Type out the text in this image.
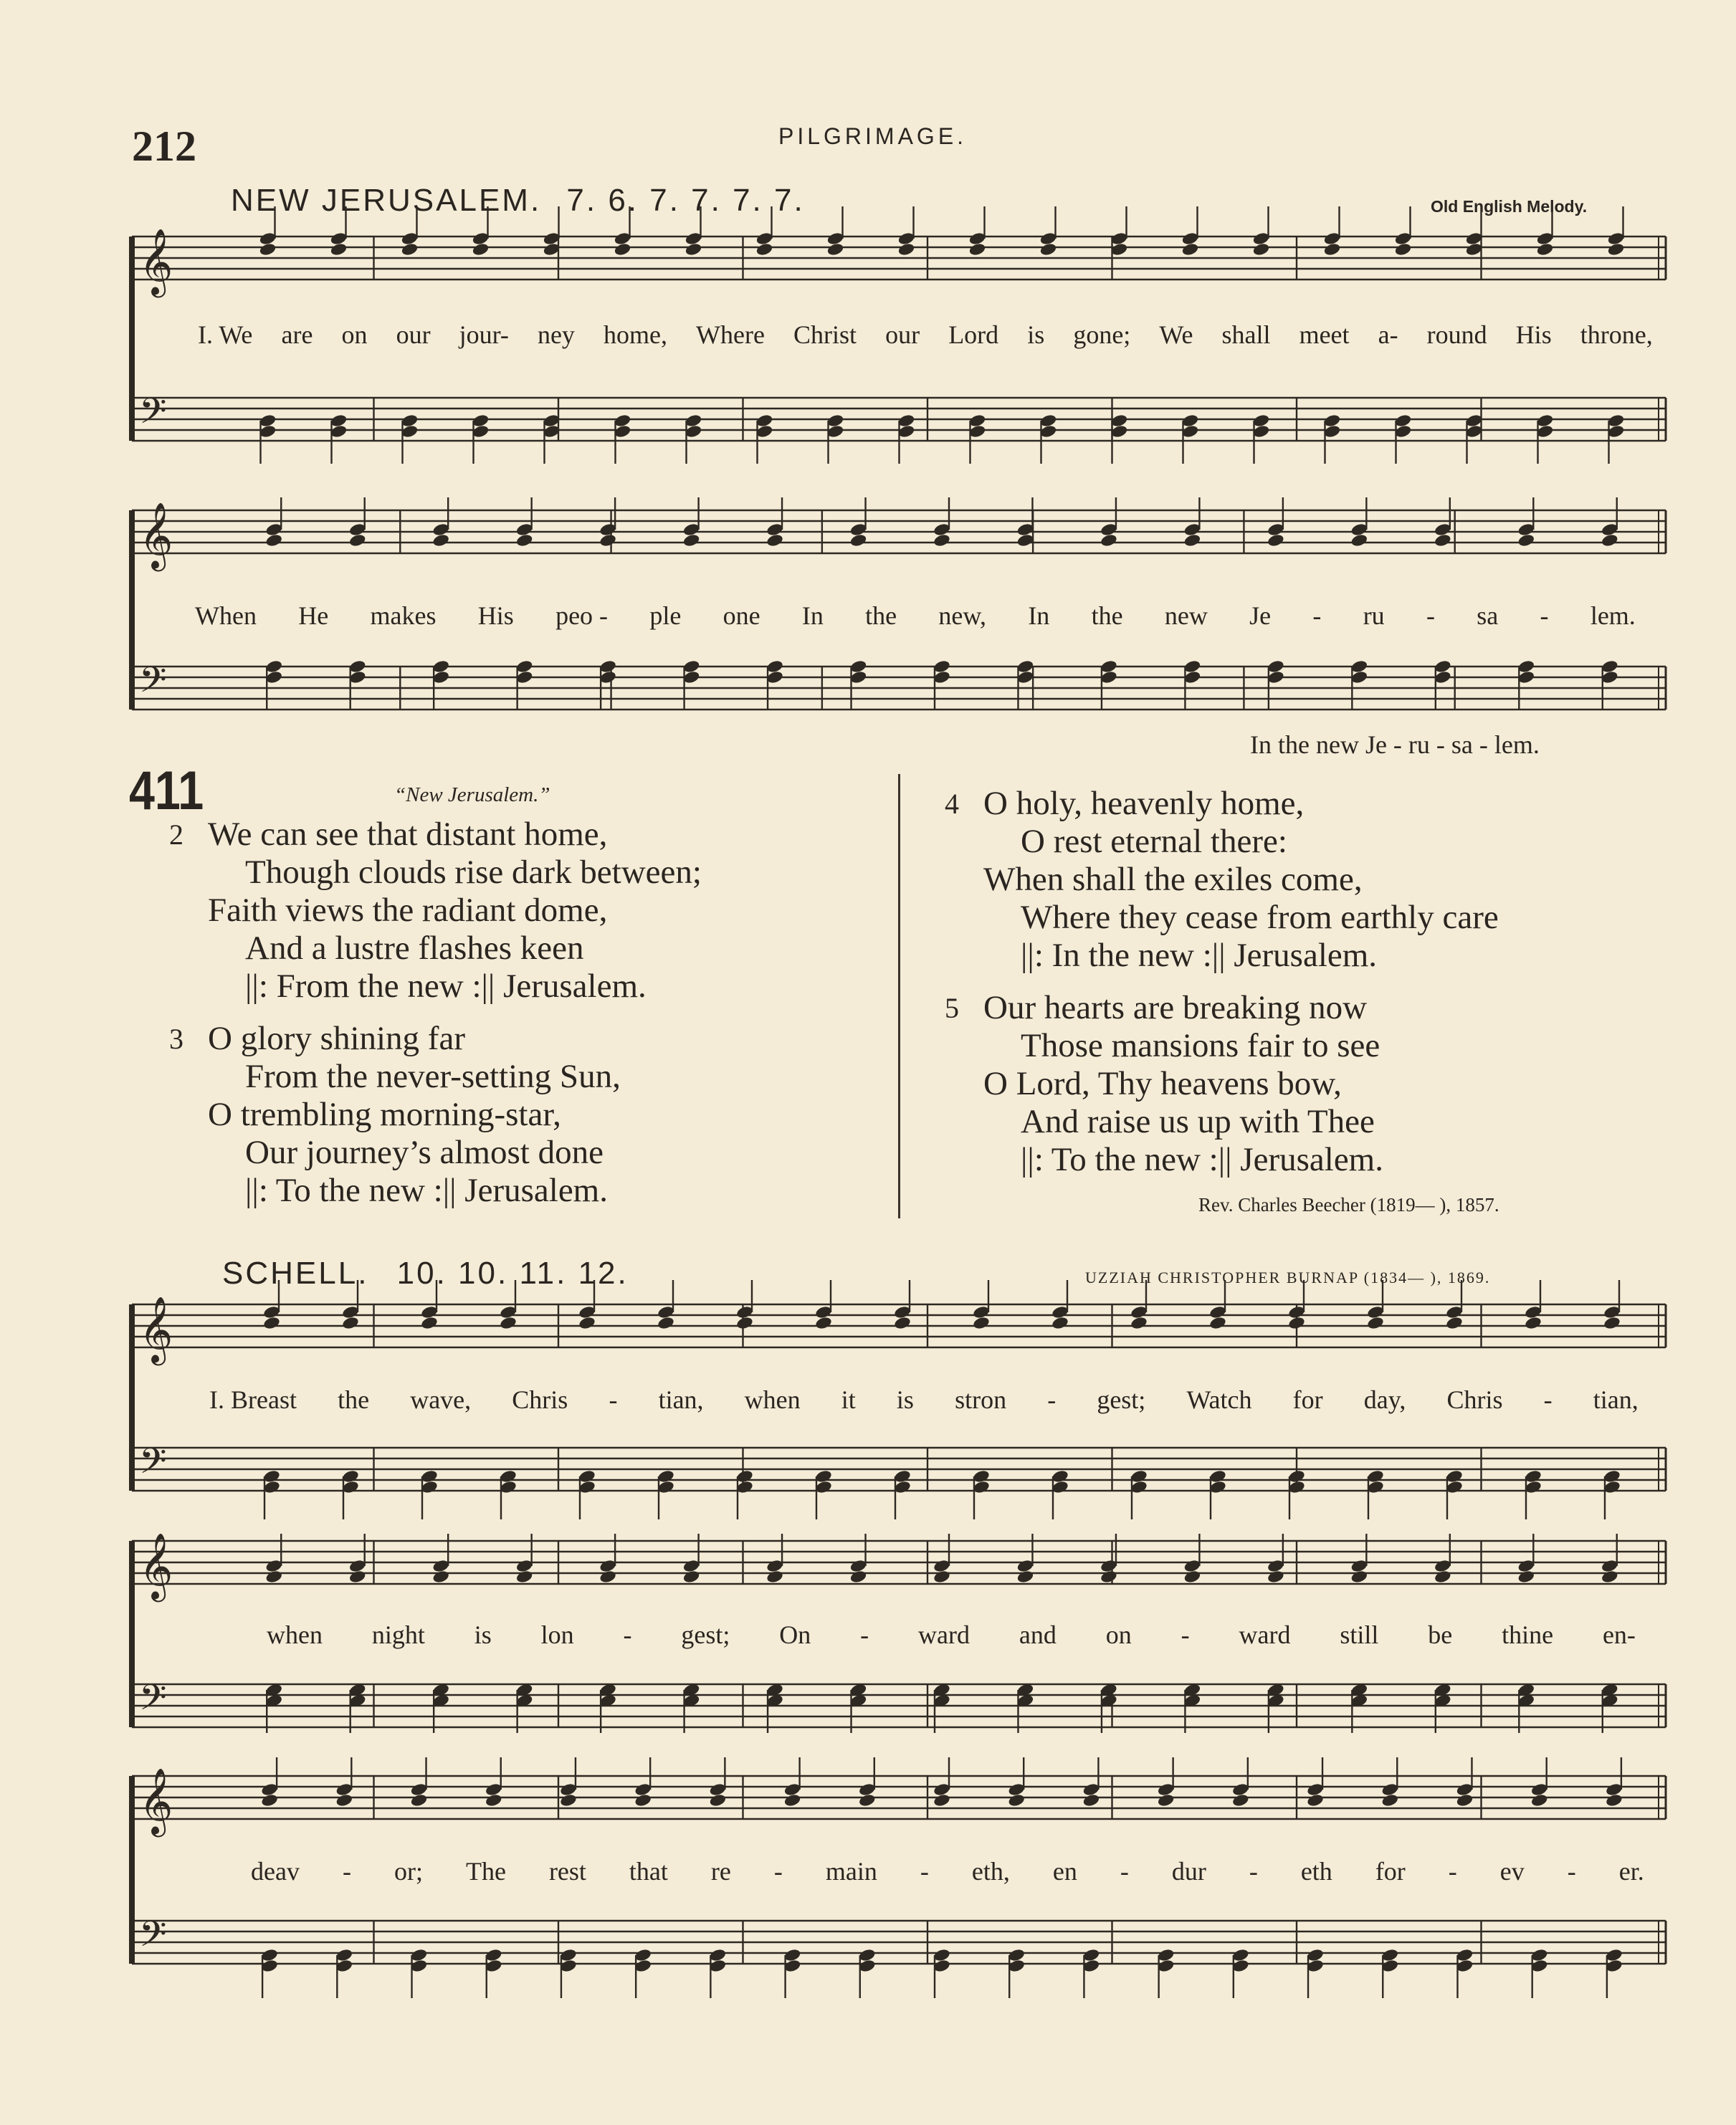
212	PILGRIMAGE.
NEW JERUSALEM. 7. 6. 7. 7. 7. 7.	Old English Melody.
𝄞
𝄢
𝄞
𝄢
𝄞
𝄢
𝄞
𝄢
𝄞
𝄢
I. We are on our jour- ney home, Where Christ our Lord is gone; We shall meet a- round His throne,
When He makes His peo - ple one In the new, In the new Je - ru - sa - lem.
In the new Je - ru - sa - lem.
411	“New Jerusalem.”
2 We can see that distant home,
Though clouds rise dark between;
Faith views the radiant dome,
And a lustre flashes keen
||: From the new :|| Jerusalem.
3 O glory shining far
From the never-setting Sun,
O trembling morning-star,
Our journey’s almost done
||: To the new :|| Jerusalem.
4 O holy, heavenly home,
O rest eternal there:
When shall the exiles come,
Where they cease from earthly care
||: In the new :|| Jerusalem.
5 Our hearts are breaking now
Those mansions fair to see
O Lord, Thy heavens bow,
And raise us up with Thee
||: To the new :|| Jerusalem.
Rev. Charles Beecher (1819— ), 1857.
SCHELL. 10. 10. 11. 12.	UZZIAH CHRISTOPHER BURNAP (1834— ), 1869.
I. Breast the wave, Chris - tian, when it is stron - gest; Watch for day, Chris - tian,
when night is lon - gest; On - ward and on - ward still be thine en-
deav - or; The rest that re - main - eth, en - dur - eth for - ev - er.
